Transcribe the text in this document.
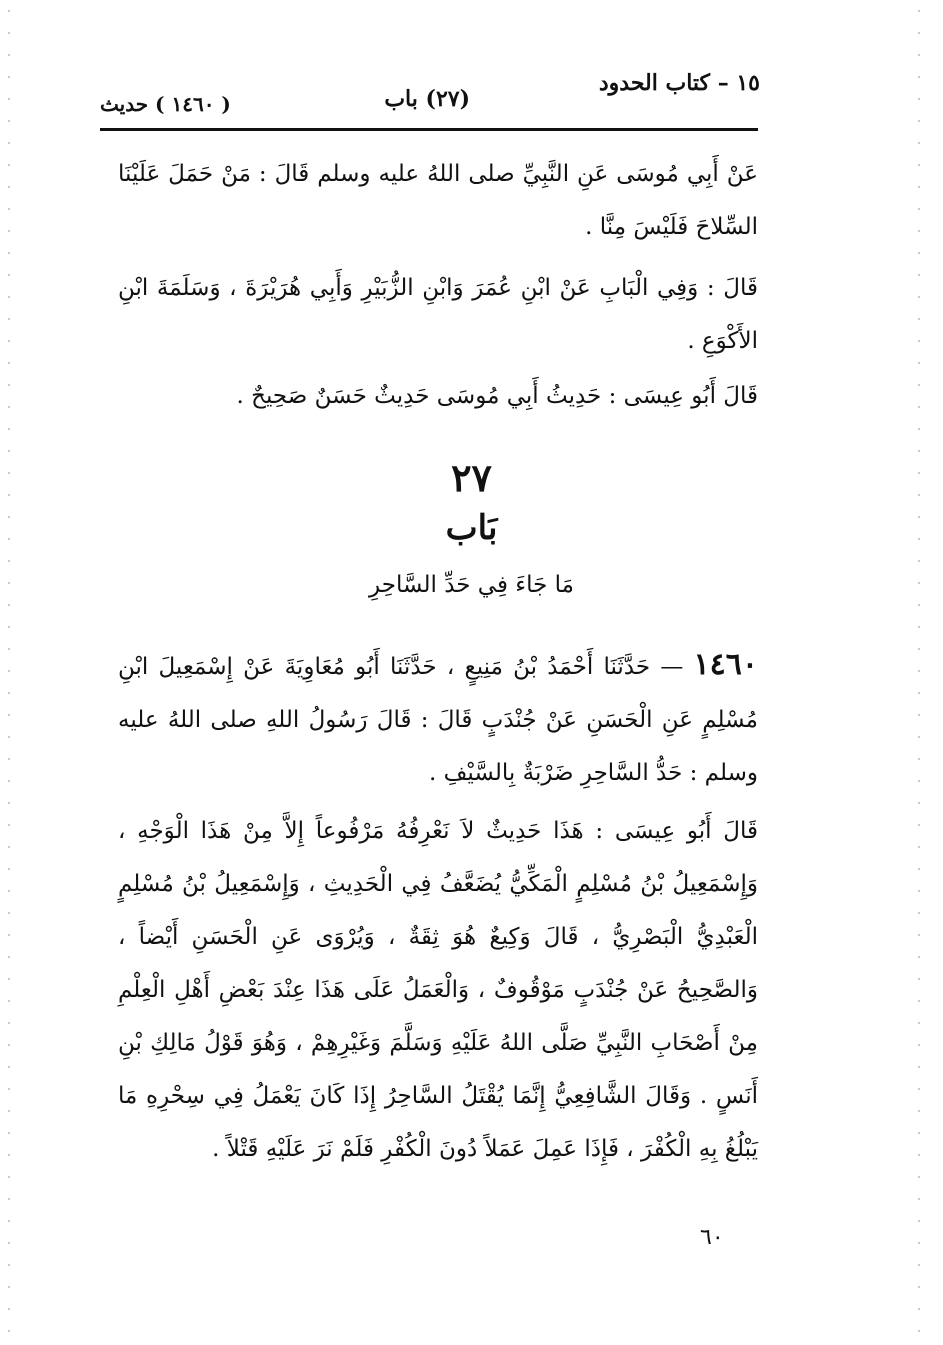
١٥ – كتاب الحدود
(٢٧) باب
( ١٤٦٠ ) حديث
عَنْ أَبِي مُوسَى عَنِ النَّبِيِّ صلى اللهُ عليه وسلم قَالَ : مَنْ حَمَلَ عَلَيْنَا السِّلاحَ فَلَيْسَ مِنَّا .
قَالَ : وَفِي الْبَابِ عَنْ ابْنِ عُمَرَ وَابْنِ الزُّبَيْرِ وَأَبِي هُرَيْرَةَ ، وَسَلَمَةَ ابْنِ الأَكْوَعِ .
قَالَ أَبُو عِيسَى : حَدِيثُ أَبِي مُوسَى حَدِيثٌ حَسَنٌ صَحِيحٌ .
٢٧
بَاب
مَا جَاءَ فِي حَدِّ السَّاحِرِ
١٤٦٠ — حَدَّثَنَا أَحْمَدُ بْنُ مَنِيعٍ ، حَدَّثَنَا أَبُو مُعَاوِيَةَ عَنْ إِسْمَعِيلَ ابْنِ مُسْلِمٍ عَنِ الْحَسَنِ عَنْ جُنْدَبٍ قَالَ : قَالَ رَسُولُ اللهِ صلى اللهُ عليه وسلم : حَدُّ السَّاحِرِ ضَرْبَةٌ بِالسَّيْفِ .
قَالَ أَبُو عِيسَى : هَذَا حَدِيثٌ لاَ نَعْرِفُهُ مَرْفُوعاً إِلاَّ مِنْ هَذَا الْوَجْهِ ، وَإِسْمَعِيلُ بْنُ مُسْلِمٍ الْمَكِّيُّ يُضَعَّفُ فِي الْحَدِيثِ ، وَإِسْمَعِيلُ بْنُ مُسْلِمٍ الْعَبْدِيُّ الْبَصْرِيُّ ، قَالَ وَكِيعٌ هُوَ ثِقَةٌ ، وَيُرْوَى عَنِ الْحَسَنِ أَيْضاً ، وَالصَّحِيحُ عَنْ جُنْدَبٍ مَوْقُوفٌ ، وَالْعَمَلُ عَلَى هَذَا عِنْدَ بَعْضِ أَهْلِ الْعِلْمِ مِنْ أَصْحَابِ النَّبِيِّ صَلَّى اللهُ عَلَيْهِ وَسَلَّمَ وَغَيْرِهِمْ ، وَهُوَ قَوْلُ مَالِكِ بْنِ أَنَسٍ . وَقَالَ الشَّافِعِيُّ إِنَّمَا يُقْتَلُ السَّاحِرُ إِذَا كَانَ يَعْمَلُ فِي سِحْرِهِ مَا يَبْلُغُ بِهِ الْكُفْرَ ، فَإِذَا عَمِلَ عَمَلاً دُونَ الْكُفْرِ فَلَمْ نَرَ عَلَيْهِ قَتْلاً .
٦٠
